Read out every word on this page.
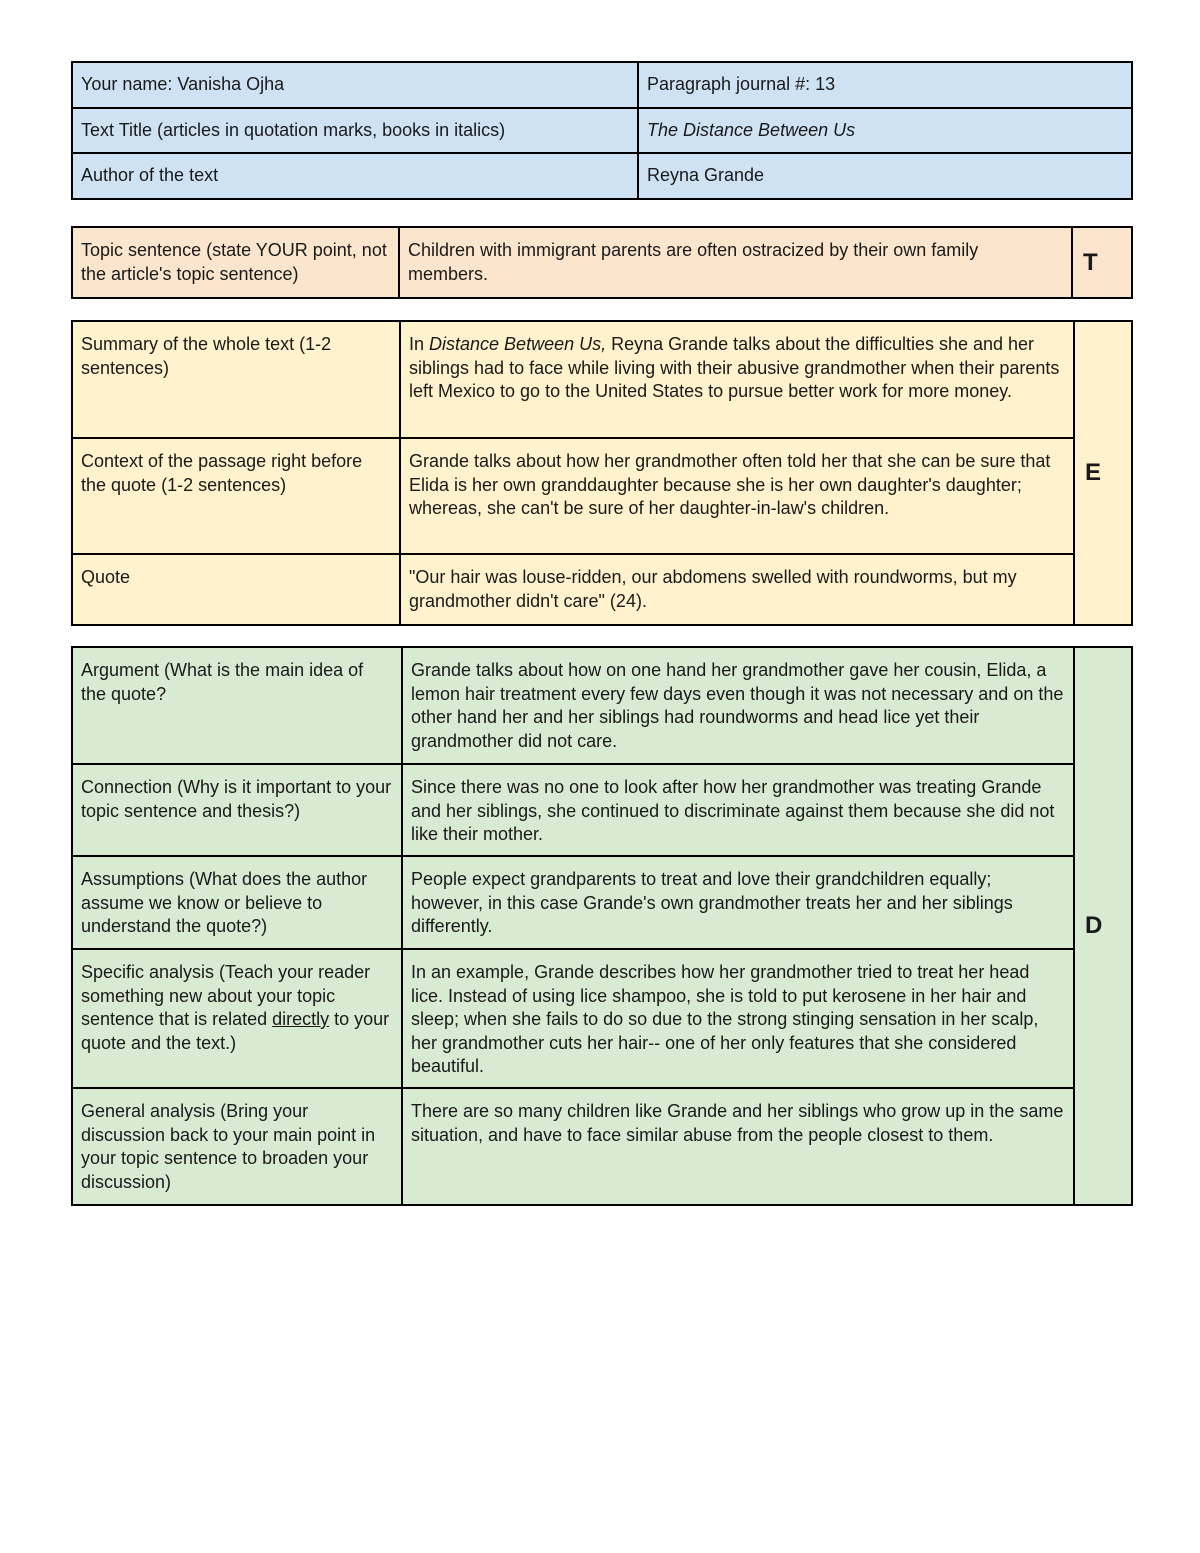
Your name: Vanisha Ojha	Paragraph journal #: 13
Text Title (articles in quotation marks, books in italics)	The Distance Between Us
Author of the text	Reyna Grande
Topic sentence (state YOUR point, not the article's topic sentence)	Children with immigrant parents are often ostracized by their own family members.	T
Summary of the whole text (1-2 sentences)	In Distance Between Us, Reyna Grande talks about the difficulties she and her siblings had to face while living with their abusive grandmother when their parents left Mexico to go to the United States to pursue better work for more money.	E
Context of the passage right before the quote (1-2 sentences)	Grande talks about how her grandmother often told her that she can be sure that Elida is her own granddaughter because she is her own daughter's daughter; whereas, she can't be sure of her daughter-in-law's children.	
Quote	"Our hair was louse-ridden, our abdomens swelled with roundworms, but my grandmother didn't care" (24).	
Argument (What is the main idea of the quote?	Grande talks about how on one hand her grandmother gave her cousin, Elida, a lemon hair treatment every few days even though it was not necessary and on the other hand her and her siblings had roundworms and head lice yet their grandmother did not care.	D
Connection (Why is it important to your topic sentence and thesis?)	Since there was no one to look after how her grandmother was treating Grande and her siblings, she continued to discriminate against them because she did not like their mother.	
Assumptions (What does the author assume we know or believe to understand the quote?)	People expect grandparents to treat and love their grandchildren equally; however, in this case Grande's own grandmother treats her and her siblings differently.	
Specific analysis (Teach your reader something new about your topic sentence that is related directly to your quote and the text.)	In an example, Grande describes how her grandmother tried to treat her head lice. Instead of using lice shampoo, she is told to put kerosene in her hair and sleep; when she fails to do so due to the strong stinging sensation in her scalp, her grandmother cuts her hair-- one of her only features that she considered beautiful.	
General analysis (Bring your discussion back to your main point in your topic sentence to broaden your discussion)	There are so many children like Grande and her siblings who grow up in the same situation, and have to face similar abuse from the people closest to them.	
